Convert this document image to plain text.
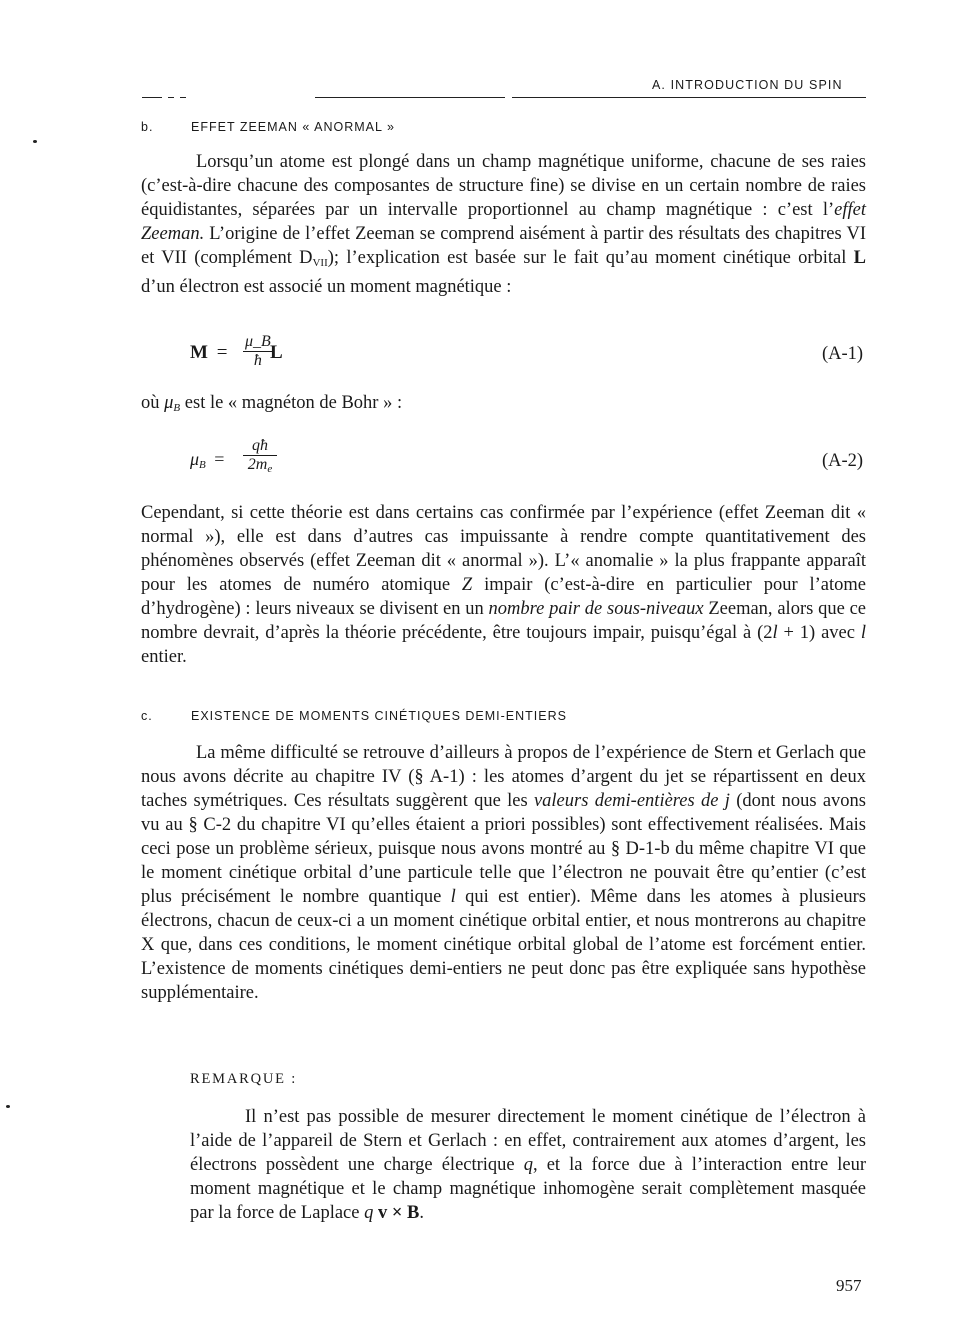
A. INTRODUCTION DU SPIN
b.	EFFET ZEEMAN « ANORMAL »
Lorsqu’un atome est plongé dans un champ magnétique uniforme, chacune de ses raies (c’est-à-dire chacune des composantes de structure fine) se divise en un certain nombre de raies équidistantes, séparées par un intervalle proportionnel au champ magnétique : c’est l’effet Zeeman. L’origine de l’effet Zeeman se comprend aisément à partir des résultats des chapitres VI et VII (complément $D_{VII}$); l’explication est basée sur le fait qu’au moment cinétique orbital L d’un électron est associé un moment magnétique :
$M = \frac{\mu\_B}{ħ}$
L	(A-1)
où $\mu_B$ est le « magnéton de Bohr » :
$\mu_B = \frac{qħ}{2m_e}$	(A-2)
Cependant, si cette théorie est dans certains cas confirmée par l’expérience (effet Zeeman dit « normal »), elle est dans d’autres cas impuissante à rendre compte quantitativement des phénomènes observés (effet Zeeman dit « anormal »). L’« anomalie » la plus frappante apparaît pour les atomes de numéro atomique Z impair (c’est-à-dire en particulier pour l’atome d’hydrogène) : leurs niveaux se divisent en un nombre pair de sous-niveaux Zeeman, alors que ce nombre devrait, d’après la théorie précédente, être toujours impair, puisqu’égal à (2l + 1) avec l entier.
c.	EXISTENCE DE MOMENTS CINÉTIQUES DEMI-ENTIERS
La même difficulté se retrouve d’ailleurs à propos de l’expérience de Stern et Gerlach que nous avons décrite au chapitre IV (§ A-1) : les atomes d’argent du jet se répartissent en deux taches symétriques. Ces résultats suggèrent que les valeurs demi-entières de j (dont nous avons vu au § C-2 du chapitre VI qu’elles étaient a priori possibles) sont effectivement réalisées. Mais ceci pose un problème sérieux, puisque nous avons montré au § D-1-b du même chapitre VI que le moment cinétique orbital d’une particule telle que l’électron ne pouvait être qu’entier (c’est plus précisément le nombre quantique l qui est entier). Même dans les atomes à plusieurs électrons, chacun de ceux-ci a un moment cinétique orbital entier, et nous montrerons au chapitre X que, dans ces conditions, le moment cinétique orbital global de l’atome est forcément entier. L’existence de moments cinétiques demi-entiers ne peut donc pas être expliquée sans hypothèse supplémentaire.
REMARQUE :
Il n’est pas possible de mesurer directement le moment cinétique de l’électron à l’aide de l’appareil de Stern et Gerlach : en effet, contrairement aux atomes d’argent, les électrons possèdent une charge électrique q, et la force due à l’interaction entre leur moment magnétique et le champ magnétique inhomogène serait complètement masquée par la force de Laplace q v × B.
957
